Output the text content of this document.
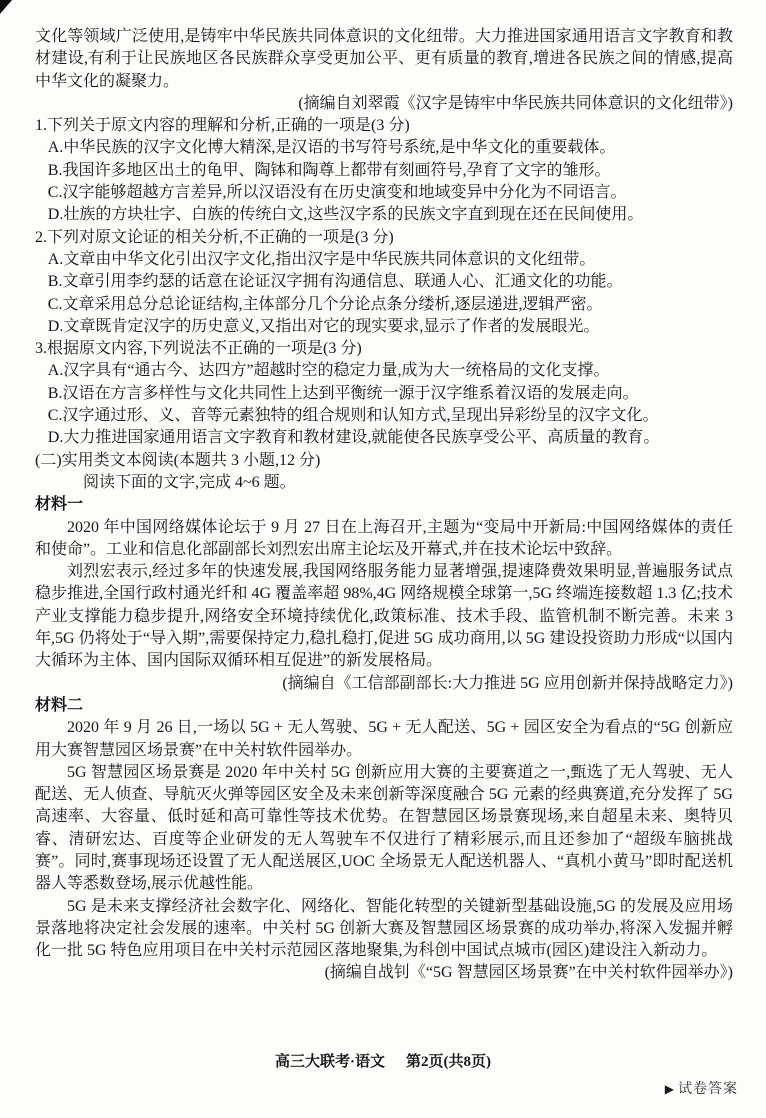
文化等领域广泛使用,是铸牢中华民族共同体意识的文化纽带。大力推进国家通用语言文字教育和教材建设,有利于让民族地区各民族群众享受更加公平、更有质量的教育,增进各民族之间的情感,提高中华文化的凝聚力。

(摘编自刘翠霞《汉字是铸牢中华民族共同体意识的文化纽带》)

1.下列关于原文内容的理解和分析,正确的一项是(3 分)

A.中华民族的汉字文化博大精深,是汉语的书写符号系统,是中华文化的重要载体。

B.我国许多地区出土的龟甲、陶钵和陶尊上都带有刻画符号,孕育了文字的雏形。

C.汉字能够超越方言差异,所以汉语没有在历史演变和地域变异中分化为不同语言。

D.壮族的方块壮字、白族的传统白文,这些汉字系的民族文字直到现在还在民间使用。

2.下列对原文论证的相关分析,不正确的一项是(3 分)

A.文章由中华文化引出汉字文化,指出汉字是中华民族共同体意识的文化纽带。

B.文章引用李约瑟的话意在论证汉字拥有沟通信息、联通人心、汇通文化的功能。

C.文章采用总分总论证结构,主体部分几个分论点条分缕析,逐层递进,逻辑严密。

D.文章既肯定汉字的历史意义,又指出对它的现实要求,显示了作者的发展眼光。

3.根据原文内容,下列说法不正确的一项是(3 分)

A.汉字具有“通古今、达四方”超越时空的稳定力量,成为大一统格局的文化支撑。

B.汉语在方言多样性与文化共同性上达到平衡统一源于汉字维系着汉语的发展走向。

C.汉字通过形、义、音等元素独特的组合规则和认知方式,呈现出异彩纷呈的汉字文化。

D.大力推进国家通用语言文字教育和教材建设,就能使各民族享受公平、高质量的教育。

(二)实用类文本阅读(本题共 3 小题,12 分)

阅读下面的文字,完成 4~6 题。

材料一

2020 年中国网络媒体论坛于 9 月 27 日在上海召开,主题为“变局中开新局:中国网络媒体的责任和使命”。工业和信息化部副部长刘烈宏出席主论坛及开幕式,并在技术论坛中致辞。

刘烈宏表示,经过多年的快速发展,我国网络服务能力显著增强,提速降费效果明显,普遍服务试点稳步推进,全国行政村通光纤和 4G 覆盖率超 98%,4G 网络规模全球第一,5G 终端连接数超 1.3 亿;技术产业支撑能力稳步提升,网络安全环境持续优化,政策标准、技术手段、监管机制不断完善。未来 3 年,5G 仍将处于“导入期”,需要保持定力,稳扎稳打,促进 5G 成功商用,以 5G 建设投资助力形成“以国内大循环为主体、国内国际双循环相互促进”的新发展格局。

(摘编自《工信部副部长:大力推进 5G 应用创新并保持战略定力》)

材料二

2020 年 9 月 26 日,一场以 5G + 无人驾驶、5G + 无人配送、5G + 园区安全为看点的“5G 创新应用大赛智慧园区场景赛”在中关村软件园举办。

5G 智慧园区场景赛是 2020 年中关村 5G 创新应用大赛的主要赛道之一,甄选了无人驾驶、无人配送、无人侦查、导航灭火弹等园区安全及未来创新等深度融合 5G 元素的经典赛道,充分发挥了 5G 高速率、大容量、低时延和高可靠性等技术优势。在智慧园区场景赛现场,来自超星未来、奥特贝睿、清研宏达、百度等企业研发的无人驾驶车不仅进行了精彩展示,而且还参加了“超级车脑挑战赛”。同时,赛事现场还设置了无人配送展区,UOC 全场景无人配送机器人、“真机小黄马”即时配送机器人等悉数登场,展示优越性能。

5G 是未来支撑经济社会数字化、网络化、智能化转型的关键新型基础设施,5G 的发展及应用场景落地将决定社会发展的速率。中关村 5G 创新大赛及智慧园区场景赛的成功举办,将深入发掘并孵化一批 5G 特色应用项目在中关村示范园区落地聚集,为科创中国试点城市(园区)建设注入新动力。

(摘编自战钊《“5G 智慧园区场景赛”在中关村软件园举办》)

高三大联考·语文 第2页(共8页)
▶ 试卷答案
